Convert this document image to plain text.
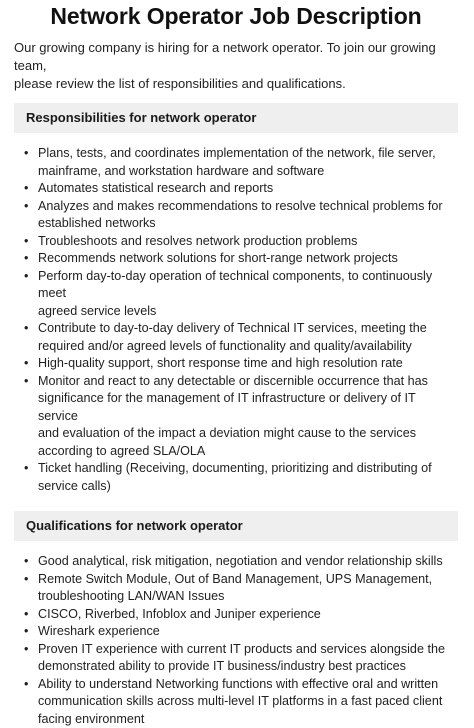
Network Operator Job Description

Our growing company is hiring for a network operator. To join our growing team,
please review the list of responsibilities and qualifications.

Responsibilities for network operator
• Plans, tests, and coordinates implementation of the network, file server,
mainframe, and workstation hardware and software
• Automates statistical research and reports
• Analyzes and makes recommendations to resolve technical problems for
established networks
• Troubleshoots and resolves network production problems
• Recommends network solutions for short-range network projects
• Perform day-to-day operation of technical components, to continuously meet
agreed service levels
• Contribute to day-to-day delivery of Technical IT services, meeting the
required and/or agreed levels of functionality and quality/availability
• High-quality support, short response time and high resolution rate
• Monitor and react to any detectable or discernible occurrence that has
significance for the management of IT infrastructure or delivery of IT service
and evaluation of the impact a deviation might cause to the services
according to agreed SLA/OLA
• Ticket handling (Receiving, documenting, prioritizing and distributing of
service calls)
Qualifications for network operator
• Good analytical, risk mitigation, negotiation and vendor relationship skills
• Remote Switch Module, Out of Band Management, UPS Management,
troubleshooting LAN/WAN Issues
• CISCO, Riverbed, Infoblox and Juniper experience
• Wireshark experience
• Proven IT experience with current IT products and services alongside the
demonstrated ability to provide IT business/industry best practices
• Ability to understand Networking functions with effective oral and written
communication skills across multi-level IT platforms in a fast paced client
facing environment
